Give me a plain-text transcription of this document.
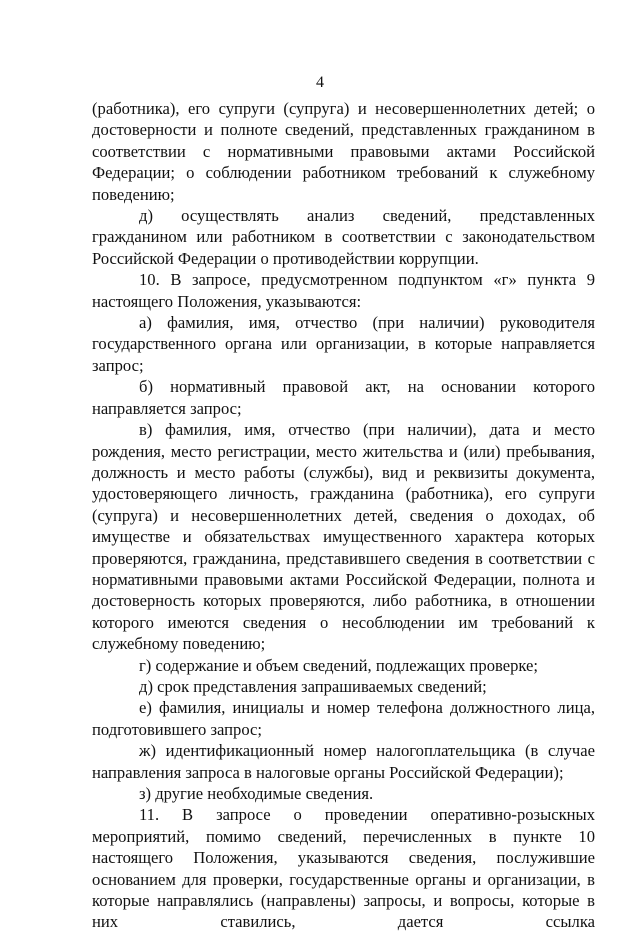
4

(работника), его супруги (супруга) и несовершеннолетних детей; о достоверности и полноте сведений, представленных гражданином в соответствии с нормативными правовыми актами Российской Федерации; о соблюдении работником требований к служебному поведению;

д) осуществлять анализ сведений, представленных гражданином или работником в соответствии с законодательством Российской Федерации о противодействии коррупции.

10. В запросе, предусмотренном подпунктом «г» пункта 9 настоящего Положения, указываются:

а) фамилия, имя, отчество (при наличии) руководителя государственного органа или организации, в которые направляется запрос;

б) нормативный правовой акт, на основании которого направляется запрос;

в) фамилия, имя, отчество (при наличии), дата и место рождения, место регистрации, место жительства и (или) пребывания, должность и место работы (службы), вид и реквизиты документа, удостоверяющего личность, гражданина (работника), его супруги (супруга) и несовершеннолетних детей, сведения о доходах, об имуществе и обязательствах имущественного характера которых проверяются, гражданина, представившего сведения в соответствии с нормативными правовыми актами Российской Федерации, полнота и достоверность которых проверяются, либо работника, в отношении которого имеются сведения о несоблюдении им требований к служебному поведению;

г) содержание и объем сведений, подлежащих проверке;

д) срок представления запрашиваемых сведений;

е) фамилия, инициалы и номер телефона должностного лица, подготовившего запрос;

ж) идентификационный номер налогоплательщика (в случае направления запроса в налоговые органы Российской Федерации);

з) другие необходимые сведения.

11. В запросе о проведении оперативно-розыскных мероприятий, помимо сведений, перечисленных в пункте 10 настоящего Положения, указываются сведения, послужившие основанием для проверки, государственные органы и организации, в которые направлялись (направлены) запросы, и вопросы, которые в них ставились, дается ссылка
